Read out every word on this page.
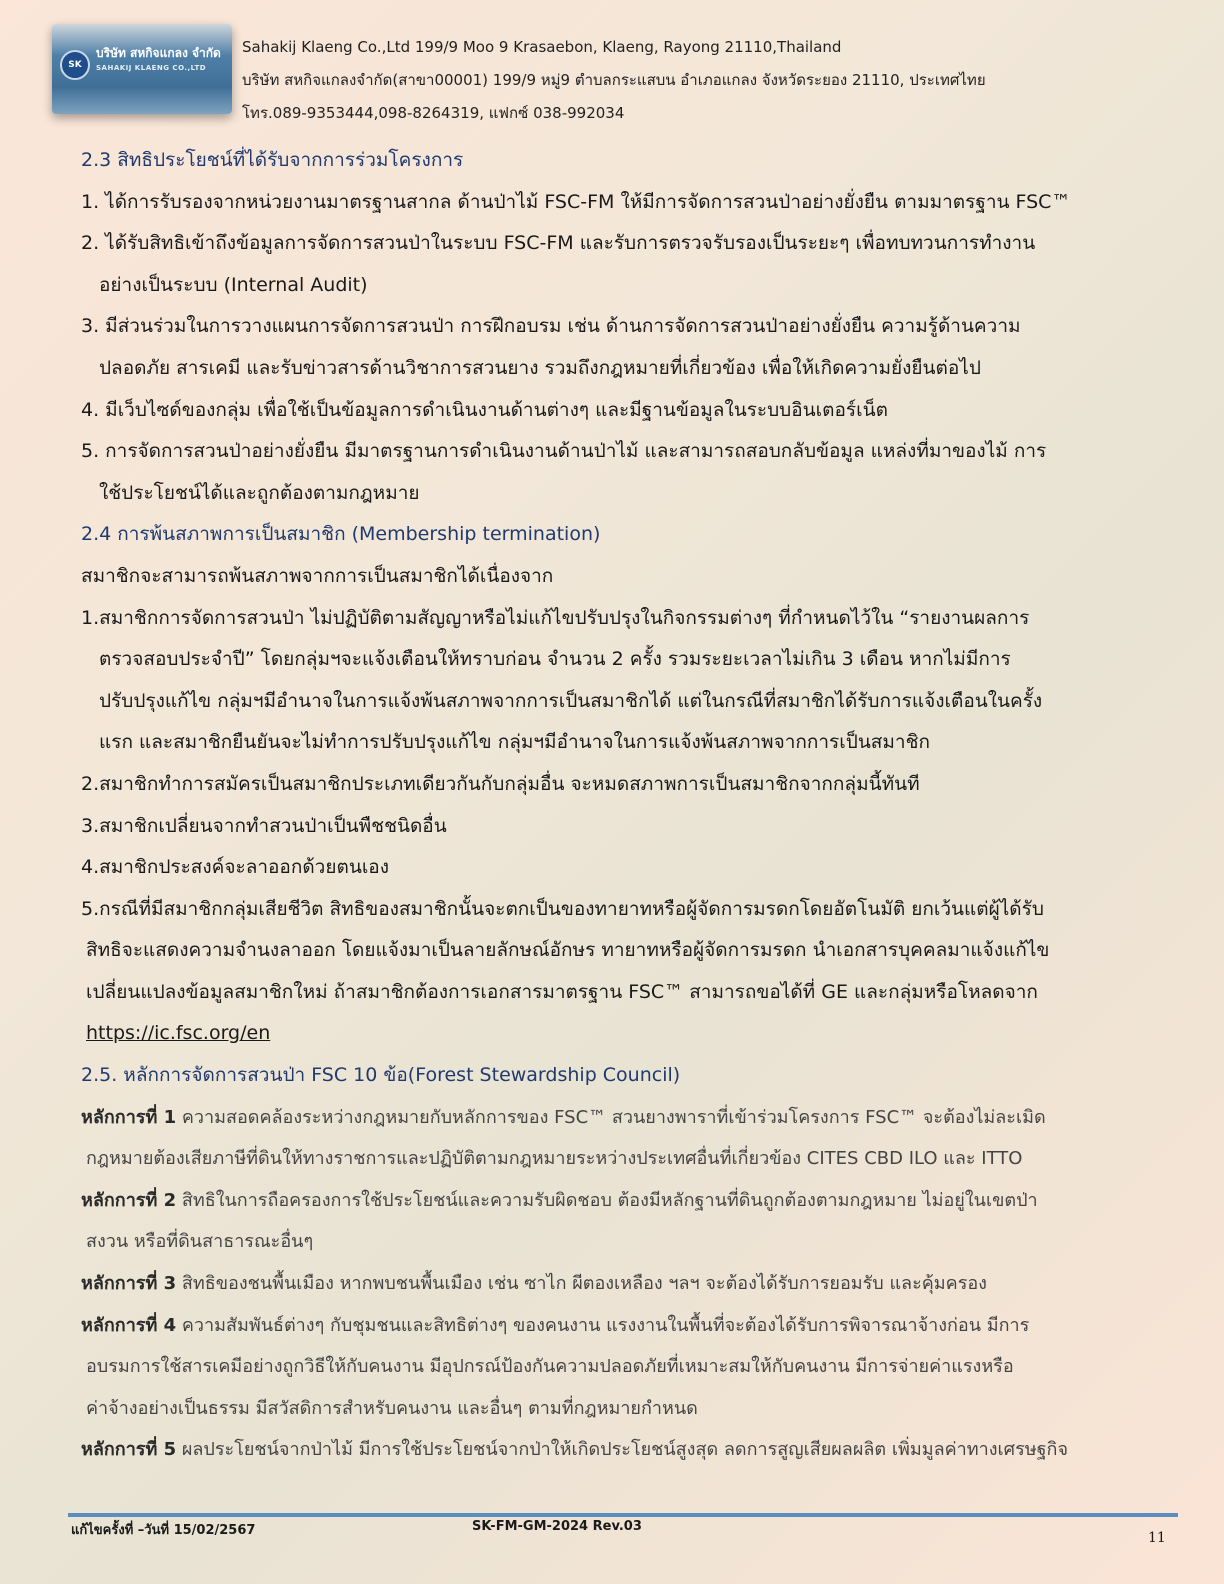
SK
บริษัท สหกิจแกลง จำกัด
SAHAKIJ KLAENG CO.,LTD
Sahakij Klaeng Co.,Ltd 199/9 Moo 9 Krasaebon, Klaeng, Rayong 21110,Thailand
บริษัท สหกิจแกลงจำกัด(สาขา00001) 199/9 หมู่9 ตำบลกระแสบน อำเภอแกลง จังหวัดระยอง 21110, ประเทศไทย
โทร.089-9353444,098-8264319, แฟกซ์ 038-992034
2.3 สิทธิประโยชน์ที่ได้รับจากการร่วมโครงการ
1. ได้การรับรองจากหน่วยงานมาตรฐานสากล ด้านป่าไม้ FSC-FM ให้มีการจัดการสวนป่าอย่างยั่งยืน ตามมาตรฐาน FSC™
2. ได้รับสิทธิเข้าถึงข้อมูลการจัดการสวนป่าในระบบ FSC-FM และรับการตรวจรับรองเป็นระยะๆ เพื่อทบทวนการทำงาน
อย่างเป็นระบบ (Internal Audit)
3. มีส่วนร่วมในการวางแผนการจัดการสวนป่า การฝึกอบรม เช่น ด้านการจัดการสวนป่าอย่างยั่งยืน ความรู้ด้านความ
ปลอดภัย สารเคมี และรับข่าวสารด้านวิชาการสวนยาง รวมถึงกฎหมายที่เกี่ยวข้อง เพื่อให้เกิดความยั่งยืนต่อไป
4. มีเว็บไซด์ของกลุ่ม เพื่อใช้เป็นข้อมูลการดำเนินงานด้านต่างๆ และมีฐานข้อมูลในระบบอินเตอร์เน็ต
5. การจัดการสวนป่าอย่างยั่งยืน มีมาตรฐานการดำเนินงานด้านป่าไม้ และสามารถสอบกลับข้อมูล แหล่งที่มาของไม้ การ
ใช้ประโยชน์ได้และถูกต้องตามกฎหมาย
2.4 การพ้นสภาพการเป็นสมาชิก (Membership termination)
สมาชิกจะสามารถพ้นสภาพจากการเป็นสมาชิกได้เนื่องจาก
1.สมาชิกการจัดการสวนป่า ไม่ปฏิบัติตามสัญญาหรือไม่แก้ไขปรับปรุงในกิจกรรมต่างๆ ที่กำหนดไว้ใน “รายงานผลการ
ตรวจสอบประจำปี” โดยกลุ่มฯจะแจ้งเตือนให้ทราบก่อน จำนวน 2 ครั้ง รวมระยะเวลาไม่เกิน 3 เดือน หากไม่มีการ
ปรับปรุงแก้ไข กลุ่มฯมีอำนาจในการแจ้งพ้นสภาพจากการเป็นสมาชิกได้ แต่ในกรณีที่สมาชิกได้รับการแจ้งเตือนในครั้ง
แรก และสมาชิกยืนยันจะไม่ทำการปรับปรุงแก้ไข กลุ่มฯมีอำนาจในการแจ้งพ้นสภาพจากการเป็นสมาชิก
2.สมาชิกทำการสมัครเป็นสมาชิกประเภทเดียวกันกับกลุ่มอื่น จะหมดสภาพการเป็นสมาชิกจากกลุ่มนี้ทันที
3.สมาชิกเปลี่ยนจากทำสวนป่าเป็นพืชชนิดอื่น
4.สมาชิกประสงค์จะลาออกด้วยตนเอง
5.กรณีที่มีสมาชิกกลุ่มเสียชีวิต สิทธิของสมาชิกนั้นจะตกเป็นของทายาทหรือผู้จัดการมรดกโดยอัตโนมัติ ยกเว้นแต่ผู้ได้รับ
สิทธิจะแสดงความจำนงลาออก โดยแจ้งมาเป็นลายลักษณ์อักษร ทายาทหรือผู้จัดการมรดก นำเอกสารบุคคลมาแจ้งแก้ไข
เปลี่ยนแปลงข้อมูลสมาชิกใหม่ ถ้าสมาชิกต้องการเอกสารมาตรฐาน FSC™ สามารถขอได้ที่ GE และกลุ่มหรือโหลดจาก
https://ic.fsc.org/en
2.5. หลักการจัดการสวนป่า FSC 10 ข้อ(Forest Stewardship Council)
หลักการที่ 1 ความสอดคล้องระหว่างกฎหมายกับหลักการของ FSC™ สวนยางพาราที่เข้าร่วมโครงการ FSC™ จะต้องไม่ละเมิด
กฎหมายต้องเสียภาษีที่ดินให้ทางราชการและปฏิบัติตามกฎหมายระหว่างประเทศอื่นที่เกี่ยวข้อง CITES CBD ILO และ ITTO
หลักการที่ 2 สิทธิในการถือครองการใช้ประโยชน์และความรับผิดชอบ ต้องมีหลักฐานที่ดินถูกต้องตามกฎหมาย ไม่อยู่ในเขตป่า
สงวน หรือที่ดินสาธารณะอื่นๆ
หลักการที่ 3 สิทธิของชนพื้นเมือง หากพบชนพื้นเมือง เช่น ซาไก ผีตองเหลือง ฯลฯ จะต้องได้รับการยอมรับ และคุ้มครอง
หลักการที่ 4 ความสัมพันธ์ต่างๆ กับชุมชนและสิทธิต่างๆ ของคนงาน แรงงานในพื้นที่จะต้องได้รับการพิจารณาจ้างก่อน มีการ
อบรมการใช้สารเคมีอย่างถูกวิธีให้กับคนงาน มีอุปกรณ์ป้องกันความปลอดภัยที่เหมาะสมให้กับคนงาน มีการจ่ายค่าแรงหรือ
ค่าจ้างอย่างเป็นธรรม มีสวัสดิการสำหรับคนงาน และอื่นๆ ตามที่กฎหมายกำหนด
หลักการที่ 5 ผลประโยชน์จากป่าไม้ มีการใช้ประโยชน์จากป่าให้เกิดประโยชน์สูงสุด ลดการสูญเสียผลผลิต เพิ่มมูลค่าทางเศรษฐกิจ
แก้ไขครั้งที่ –วันที่ 15/02/2567	SK-FM-GM-2024 Rev.03
11
